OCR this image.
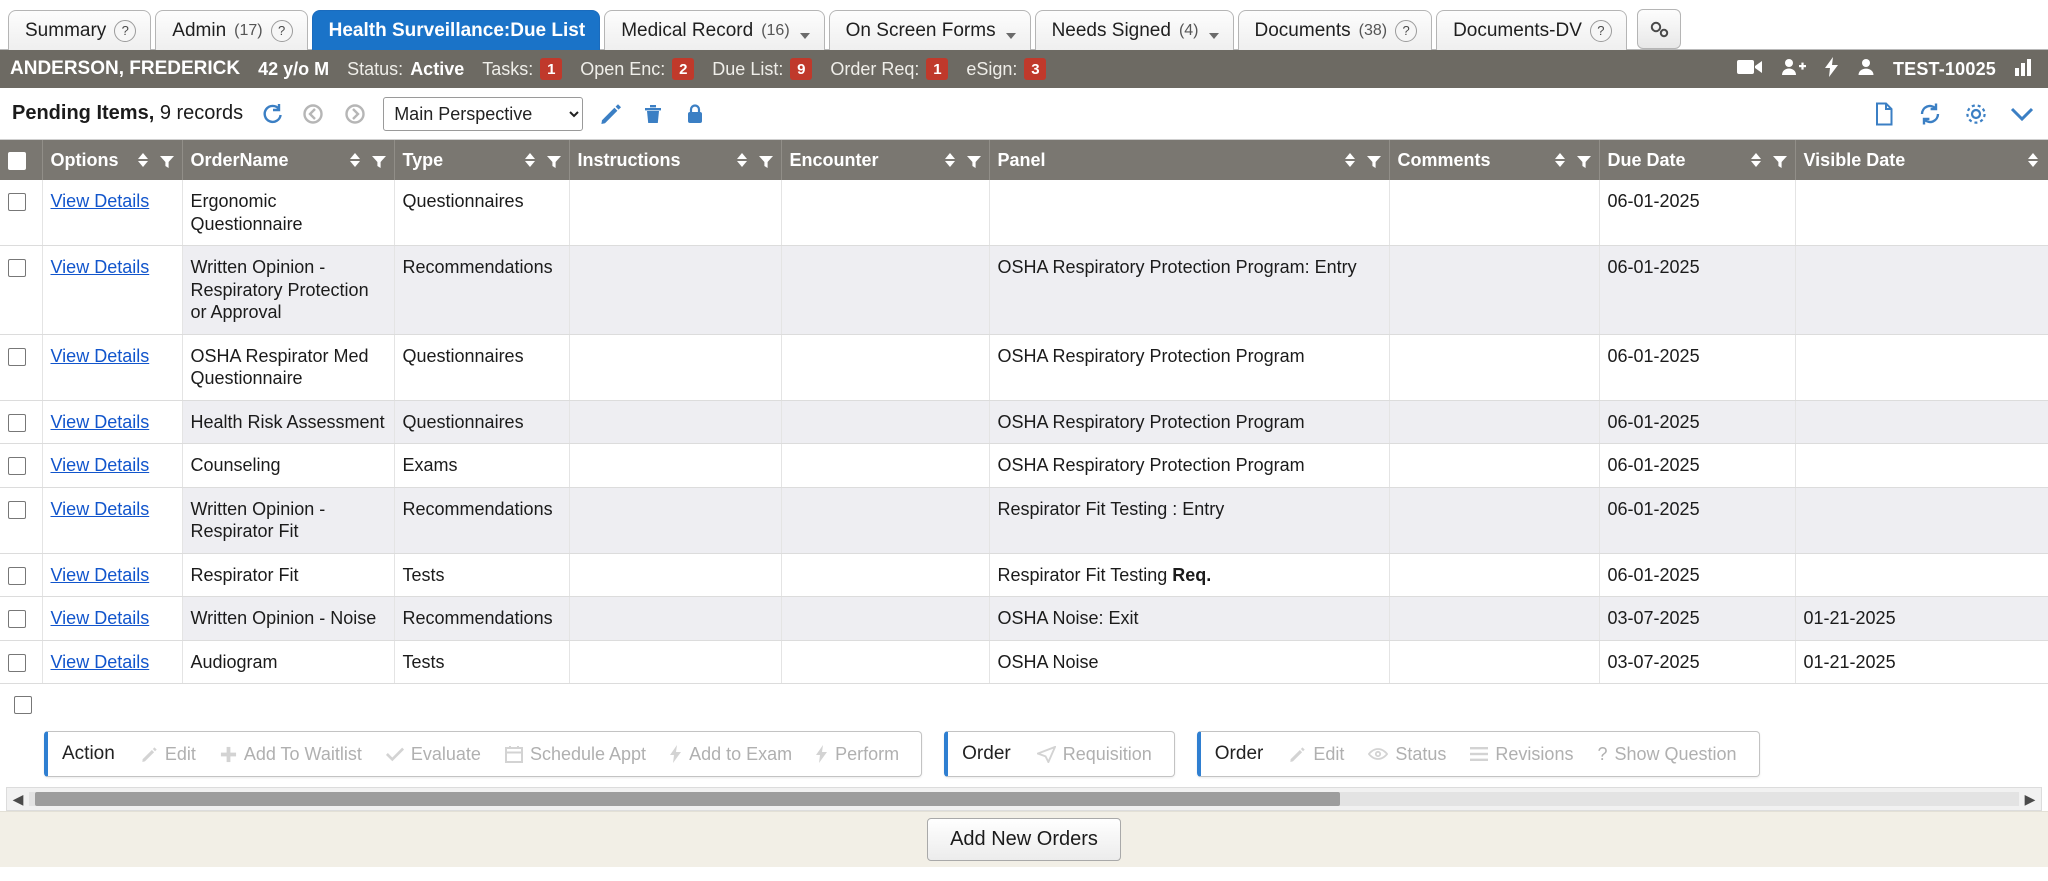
Summary	?	Admin (17)	?	Health Surveillance:Due List Medical Record (16)	On Screen Forms	Needs Signed (4)	Documents (38)	?	Documents-DV	?
ANDERSON, FREDERICK 42 y/o M Status: Active Tasks: 1	Open Enc: 2	Due List: 9	Order Req: 1	eSign: 3	TEST-10025
Pending Items, 9 records
Main Perspective

	Options	OrderName	Type	Instructions	Encounter	Panel	Comments	Due Date	Visible Date

	View Details	Ergonomic Questionnaire	Questionnaires					06-01-2025	
	View Details	Written Opinion - Respiratory Protection or Approval	Recommendations			OSHA Respiratory Protection Program: Entry		06-01-2025	
	View Details	OSHA Respirator Med Questionnaire	Questionnaires			OSHA Respiratory Protection Program		06-01-2025	
	View Details	Health Risk Assessment	Questionnaires			OSHA Respiratory Protection Program		06-01-2025	
	View Details	Counseling	Exams			OSHA Respiratory Protection Program		06-01-2025	
	View Details	Written Opinion - Respirator Fit	Recommendations			Respirator Fit Testing : Entry		06-01-2025	
	View Details	Respirator Fit	Tests			Respirator Fit Testing Req.		06-01-2025	
	View Details	Written Opinion - Noise	Recommendations			OSHA Noise: Exit		03-07-2025	01-21-2025
	View Details	Audiogram	Tests			OSHA Noise		03-07-2025	01-21-2025
Action	Edit	Add To Waitlist	Evaluate	Schedule Appt Add to Exam Perform	Order	Requisition	Order	Edit	Status	Revisions ? Show Question
◀	▶
Add New Orders
